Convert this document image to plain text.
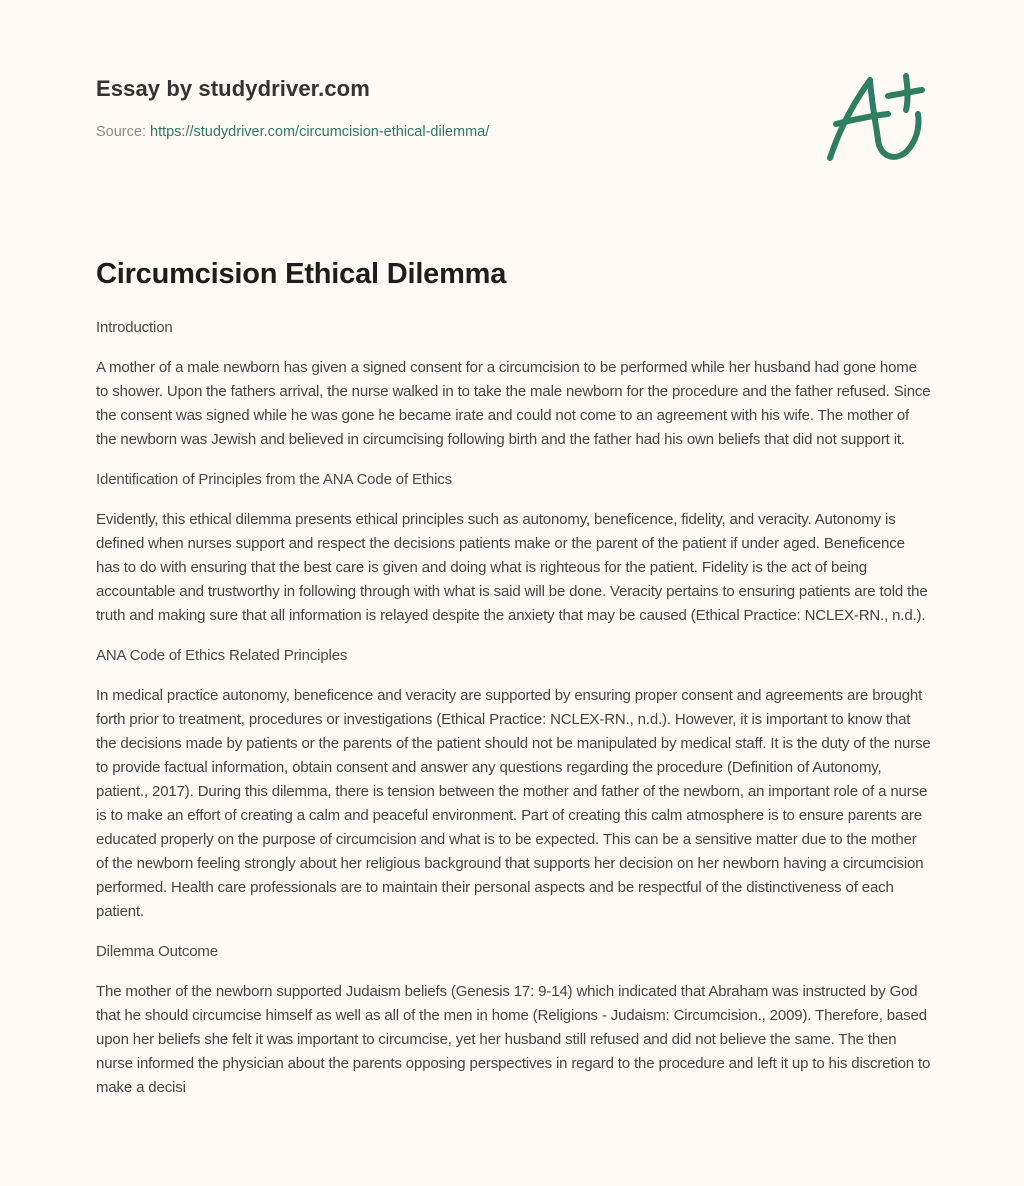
Essay by studydriver.com
Source: https://studydriver.com/circumcision-ethical-dilemma/
Circumcision Ethical Dilemma

Introduction

A mother of a male newborn has given a signed consent for a circumcision to be performed while her husband had gone home to shower. Upon the fathers arrival, the nurse walked in to take the male newborn for the procedure and the father refused. Since the consent was signed while he was gone he became irate and could not come to an agreement with his wife. The mother of the newborn was Jewish and believed in circumcising following birth and the father had his own beliefs that did not support it.

Identification of Principles from the ANA Code of Ethics

Evidently, this ethical dilemma presents ethical principles such as autonomy, beneficence, fidelity, and veracity. Autonomy is defined when nurses support and respect the decisions patients make or the parent of the patient if under aged. Beneficence has to do with ensuring that the best care is given and doing what is righteous for the patient. Fidelity is the act of being accountable and trustworthy in following through with what is said will be done. Veracity pertains to ensuring patients are told the truth and making sure that all information is relayed despite the anxiety that may be caused (Ethical Practice: NCLEX-RN., n.d.).

ANA Code of Ethics Related Principles

In medical practice autonomy, beneficence and veracity are supported by ensuring proper consent and agreements are brought forth prior to treatment, procedures or investigations (Ethical Practice: NCLEX-RN., n.d.). However, it is important to know that the decisions made by patients or the parents of the patient should not be manipulated by medical staff. It is the duty of the nurse to provide factual information, obtain consent and answer any questions regarding the procedure (Definition of Autonomy, patient., 2017). During this dilemma, there is tension between the mother and father of the newborn, an important role of a nurse is to make an effort of creating a calm and peaceful environment. Part of creating this calm atmosphere is to ensure parents are educated properly on the purpose of circumcision and what is to be expected. This can be a sensitive matter due to the mother of the newborn feeling strongly about her religious background that supports her decision on her newborn having a circumcision performed. Health care professionals are to maintain their personal aspects and be respectful of the distinctiveness of each patient.

Dilemma Outcome

The mother of the newborn supported Judaism beliefs (Genesis 17: 9-14) which indicated that Abraham was instructed by God that he should circumcise himself as well as all of the men in home (Religions - Judaism: Circumcision., 2009). Therefore, based upon her beliefs she felt it was important to circumcise, yet her husband still refused and did not believe the same. The then nurse informed the physician about the parents opposing perspectives in regard to the procedure and left it up to his discretion to make a decisi
